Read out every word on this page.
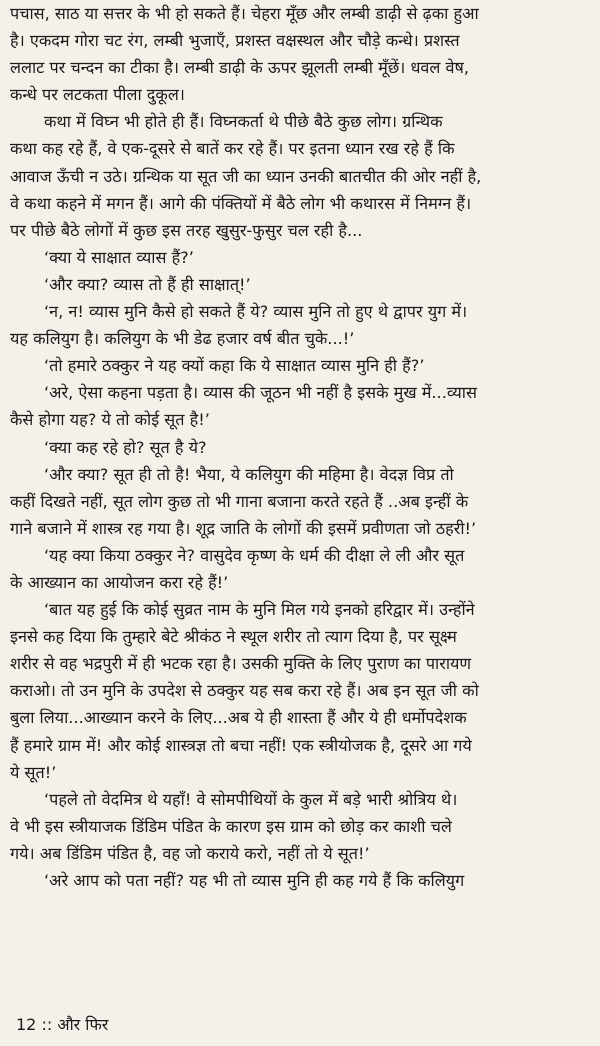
पचास, साठ या सत्तर के भी हो सकते हैं। चेहरा मूँछ और लम्बी डाढ़ी से ढ़का हुआ
है। एकदम गोरा चट रंग, लम्बी भुजाएँ, प्रशस्त वक्षस्थल और चौड़े कन्धे। प्रशस्त
ललाट पर चन्दन का टीका है। लम्बी डाढ़ी के ऊपर झूलती लम्बी मूँछें। धवल वेष,
कन्धे पर लटकता पीला दुकूल।
कथा में विघ्न भी होते ही हैं। विघ्नकर्ता थे पीछे बैठे कुछ लोग। ग्रन्थिक
कथा कह रहे हैं, वे एक-दूसरे से बातें कर रहे हैं। पर इतना ध्यान रख रहे हैं कि
आवाज ऊँची न उठे। ग्रन्थिक या सूत जी का ध्यान उनकी बातचीत की ओर नहीं है,
वे कथा कहने में मगन हैं। आगे की पंक्तियों में बैठे लोग भी कथारस में निमग्न हैं।
पर पीछे बैठे लोगों में कुछ इस तरह खुसुर-फुसुर चल रही है...
‘क्या ये साक्षात व्यास हैं?’
‘और क्या? व्यास तो हैं ही साक्षात्!’
‘न, न! व्यास मुनि कैसे हो सकते हैं ये? व्यास मुनि तो हुए थे द्वापर युग में।
यह कलियुग है। कलियुग के भी डेढ हजार वर्ष बीत चुके...!’
‘तो हमारे ठक्कुर ने यह क्यों कहा कि ये साक्षात व्यास मुनि ही हैं?’
‘अरे, ऐसा कहना पड़ता है। व्यास की जूठन भी नहीं है इसके मुख में...व्यास
कैसे होगा यह? ये तो कोई सूत है!’
‘क्या कह रहे हो? सूत है ये?
‘और क्या? सूत ही तो है! भैया, ये कलियुग की महिमा है। वेदज्ञ विप्र तो
कहीं दिखते नहीं, सूत लोग कुछ तो भी गाना बजाना करते रहते हैं ..अब इन्हीं के
गाने बजाने में शास्त्र रह गया है। शूद्र जाति के लोगों की इसमें प्रवीणता जो ठहरी!’
‘यह क्या किया ठक्कुर ने? वासुदेव कृष्ण के धर्म की दीक्षा ले ली और सूत
के आख्यान का आयोजन करा रहे हैं!’
‘बात यह हुई कि कोई सुव्रत नाम के मुनि मिल गये इनको हरिद्वार में। उन्होंने
इनसे कह दिया कि तुम्हारे बेटे श्रीकंठ ने स्थूल शरीर तो त्याग दिया है, पर सूक्ष्म
शरीर से वह भद्रपुरी में ही भटक रहा है। उसकी मुक्ति के लिए पुराण का पारायण
कराओ। तो उन मुनि के उपदेश से ठक्कुर यह सब करा रहे हैं। अब इन सूत जी को
बुला लिया...आख्यान करने के लिए...अब ये ही शास्ता हैं और ये ही धर्मोपदेशक
हैं हमारे ग्राम में! और कोई शास्त्रज्ञ तो बचा नहीं! एक स्त्रीयोजक है, दूसरे आ गये
ये सूत!’
‘पहले तो वेदमित्र थे यहाँ! वे सोमपीथियों के कुल में बड़े भारी श्रोत्रिय थे।
वे भी इस स्त्रीयाजक डिंडिम पंडित के कारण इस ग्राम को छोड़ कर काशी चले
गये। अब डिंडिम पंडित है, वह जो कराये करो, नहीं तो ये सूत!’
‘अरे आप को पता नहीं? यह भी तो व्यास मुनि ही कह गये हैं कि कलियुग
12 :: और फिर
